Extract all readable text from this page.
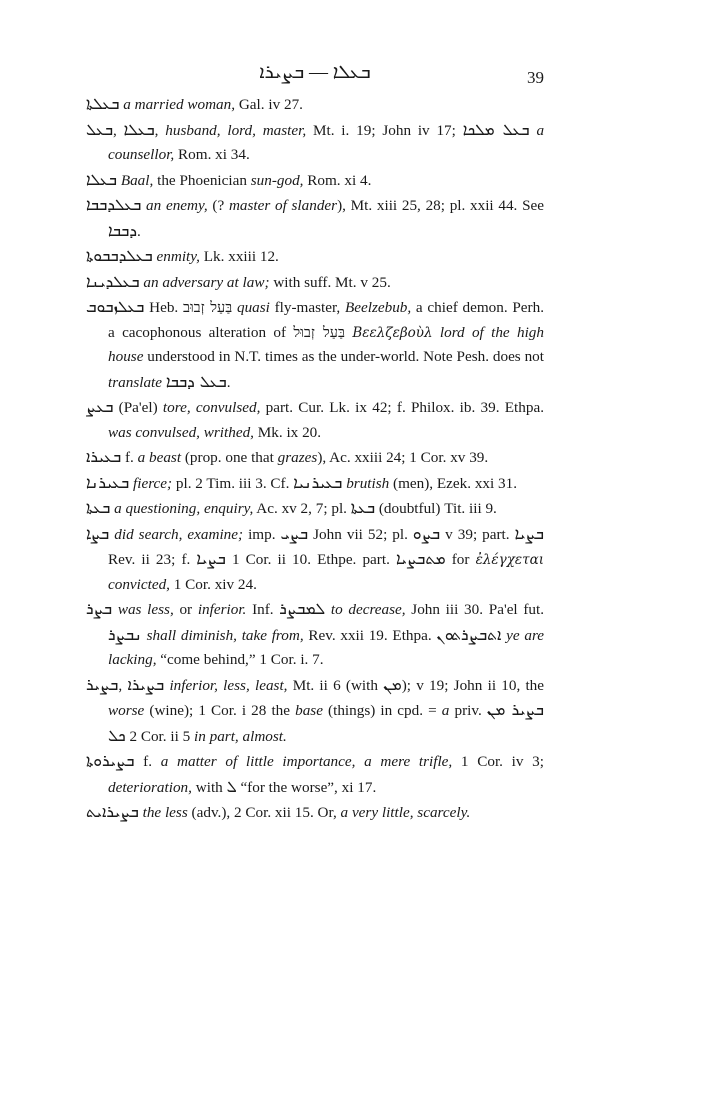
ܒܥܠܐ — ܒܨܝܪܐ	39

ܒܥܠܬܐ a married woman, Gal. iv 27.

ܒܥܠ, ܒܥܠܐ, husband, lord, master, Mt. i. 19; John iv 17; ܒܥܠ ܡܠܟܐ a counsellor, Rom. xi 34.

ܒܥܠܐ Baal, the Phoenician sun-god, Rom. xi 4.

ܒܥܠܕܒܒܐ an enemy, (? master of slander), Mt. xiii 25, 28; pl. xxii 44. See ܕܒܒܐ.

ܒܥܠܕܒܒܘܬܐ enmity, Lk. xxiii 12.

ܒܥܠܕܝܢܐ an adversary at law; with suff. Mt. v 25.

ܒܥܠܙܒܘܒ Heb. בַּעַל זְבוּב quasi fly-master, Beelzebub, a chief demon. Perh. a cacophonous alteration of בַּעַל זְבוּל Βεελζεβοὺλ lord of the high house understood in N.T. times as the under-world. Note Pesh. does not translate ܒܥܠ ܕܒܒܐ.

ܒܥܨ (Pa'el) tore, convulsed, part. Cur. Lk. ix 42; f. Philox. ib. 39. Ethpa. was convulsed, writhed, Mk. ix 20.

ܒܥܝܪܐ f. a beast (prop. one that grazes), Ac. xxiii 24; 1 Cor. xv 39.

ܒܥܝܪܢܐ fierce; pl. 2 Tim. iii 3. Cf. ܒܥܝܪܢܝܐ brutish (men), Ezek. xxi 31.

ܒܥܬܐ a questioning, enquiry, Ac. xv 2, 7; pl. ܒܥܬܐ (doubtful) Tit. iii 9.

ܒܨܐ did search, examine; imp. ܒܨܝ John vii 52; pl. ܒܨܘ v 39; part. ܒܨܝܐ Rev. ii 23; f. ܒܨܝܐ 1 Cor. ii 10. Ethpe. part. ܡܬܒܨܝܐ for ἐλέγχεται convicted, 1 Cor. xiv 24.

ܒܨܪ was less, or inferior. Inf. ܠܡܒܨܪ to decrease, John iii 30. Pa'el fut. ܢܒܨܪ shall diminish, take from, Rev. xxii 19. Ethpa. ܐܬܒܨܪܬܘܢ ye are lacking, “come behind,” 1 Cor. i. 7.

ܒܨܝܪ, ܒܨܝܪܐ inferior, less, least, Mt. ii 6 (with ܡܢ); v 19; John ii 10, the worse (wine); 1 Cor. i 28 the base (things) in cpd. = a priv. ܒܨܝܪ ܡܢ ܟܠ 2 Cor. ii 5 in part, almost.

ܒܨܝܪܘܬܐ f. a matter of little importance, a mere trifle, 1 Cor. iv 3; deterioration, with ܠ “for the worse”, xi 17.

ܒܨܝܪܐܝܬ the less (adv.), 2 Cor. xii 15. Or, a very little, scarcely.
